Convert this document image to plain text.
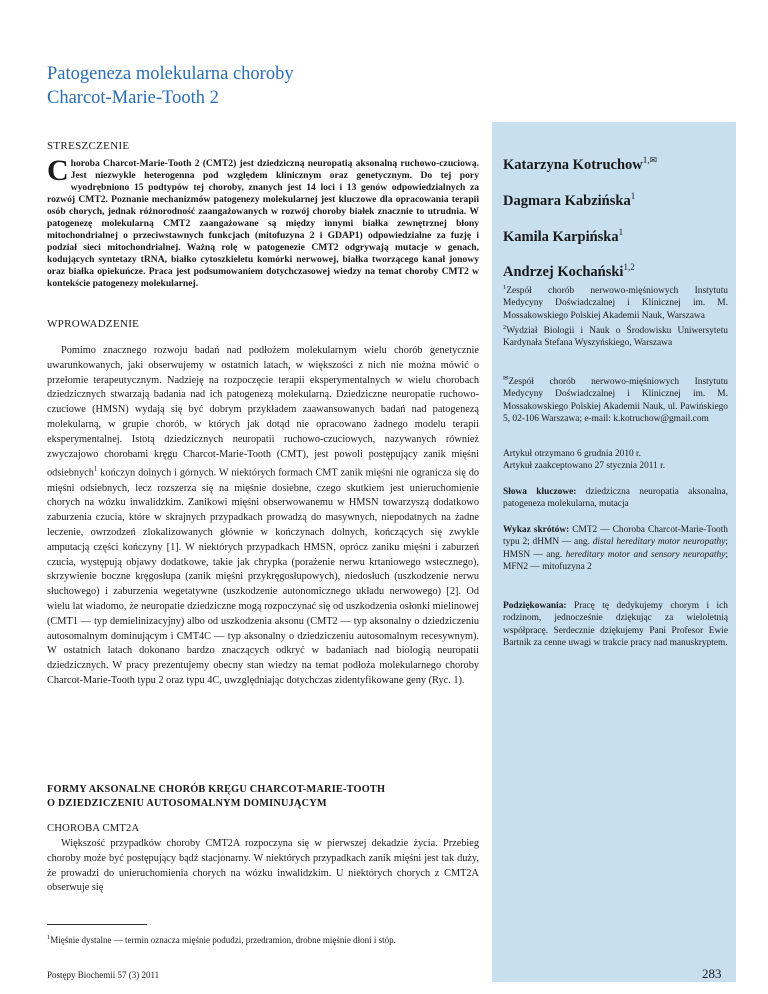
Patogeneza molekularna choroby
Charcot-Marie-Tooth 2
STRESZCZENIE

Choroba Charcot-Marie-Tooth 2 (CMT2) jest dziedziczną neuropatią aksonalną ruchowo-czuciową. Jest niezwykle heterogenna pod względem klinicznym oraz genetycznym. Do tej pory wyodrębniono 15 podtypów tej choroby, znanych jest 14 loci i 13 genów odpowiedzialnych za rozwój CMT2. Poznanie mechanizmów patogenezy molekularnej jest kluczowe dla opracowania terapii osób chorych, jednak różnorodność zaangażowanych w rozwój choroby białek znacznie to utrudnia. W patogenezę molekularną CMT2 zaangażowane są między innymi białka zewnętrznej błony mitochondrialnej o przeciwstawnych funkcjach (mitofuzyna 2 i GDAP1) odpowiedzialne za fuzję i podział sieci mitochondrialnej. Ważną rolę w patogenezie CMT2 odgrywają mutacje w genach, kodujących syntetazy tRNA, białko cytoszkieletu komórki nerwowej, białka tworzącego kanał jonowy oraz białka opiekuńcze. Praca jest podsumowaniem dotychczasowej wiedzy na temat choroby CMT2 w kontekście patogenezy molekularnej.

WPROWADZENIE

Pomimo znacznego rozwoju badań nad podłożem molekularnym wielu chorób genetycznie uwarunkowanych, jaki obserwujemy w ostatnich latach, w większości z nich nie można mówić o przełomie terapeutycznym. Nadzieję na rozpoczęcie terapii eksperymentalnych w wielu chorobach dziedzicznych stwarzają badania nad ich patogenezą molekularną. Dziedziczne neuropatie ruchowo-czuciowe (HMSN) wydają się być dobrym przykładem zaawansowanych badań nad patogenezą molekularną, w grupie chorób, w których jak dotąd nie opracowano żadnego modelu terapii eksperymentalnej. Istotą dziedzicznych neuropatii ruchowo-czuciowych, nazywanych również zwyczajowo chorobami kręgu Charcot-Marie-Tooth (CMT), jest powoli postępujący zanik mięśni odsiebnych$^1$ kończyn dolnych i górnych. W niektórych formach CMT zanik mięśni nie ogranicza się do mięśni odsiebnych, lecz rozszerza się na mięśnie dosiebne, czego skutkiem jest unieruchomienie chorych na wózku inwalidzkim. Zanikowi mięśni obserwowanemu w HMSN towarzyszą dodatkowo zaburzenia czucia, które w skrajnych przypadkach prowadzą do masywnych, niepodatnych na żadne leczenie, owrzodzeń zlokalizowanych głównie w kończynach dolnych, kończących się zwykle amputacją części kończyny [1]. W niektórych przypadkach HMSN, oprócz zaniku mięśni i zaburzeń czucia, występują objawy dodatkowe, takie jak chrypka (porażenie nerwu krtaniowego wstecznego), skrzywienie boczne kręgosłupa (zanik mięśni przykręgosłupowych), niedosłuch (uszkodzenie nerwu słuchowego) i zaburzenia wegetatywne (uszkodzenie autonomicznego układu nerwowego) [2]. Od wielu lat wiadomo, że neuropatie dziedziczne mogą rozpoczynać się od uszkodzenia osłonki mielinowej (CMT1 — typ demielinizacyjny) albo od uszkodzenia aksonu (CMT2 — typ aksonalny o dziedziczeniu autosomalnym dominującym i CMT4C — typ aksonalny o dziedziczeniu autosomalnym recesywnym). W ostatnich latach dokonano bardzo znaczących odkryć w badaniach nad biologią neuropatii dziedzicznych. W pracy prezentujemy obecny stan wiedzy na temat podłoża molekularnego choroby Charcot-Marie-Tooth typu 2 oraz typu 4C, uwzględniając dotychczas zidentyfikowane geny (Ryc. 1).

FORMY AKSONALNE CHORÓB KRĘGU CHARCOT-MARIE-TOOTH
O DZIEDZICZENIU AUTOSOMALNYM DOMINUJĄCYM
CHOROBA CMT2A

Większość przypadków choroby CMT2A rozpoczyna się w pierwszej dekadzie życia. Przebieg choroby może być postępujący bądź stacjonarny. W niektórych przypadkach zanik mięśni jest tak duży, że prowadzi do unieruchomienia chorych na wózku inwalidzkim. U niektórych chorych z CMT2A obserwuje się

$^1$Mięśnie dystalne — termin oznacza mięśnie podudzi, przedramion, drobne mięśnie dłoni i stóp.

Postępy Biochemii 57 (3) 2011	283
Katarzyna Kotruchow$^{1,✉}$
Dagmara Kabzińska$^1$
Kamila Karpińska$^1$
Andrzej Kochański$^{1,2}$

$^1$Zespół chorób nerwowo-mięśniowych Instytutu Medycyny Doświadczalnej i Klinicznej im. M. Mossakowskiego Polskiej Akademii Nauk, Warszawa

$^2$Wydział Biologii i Nauk o Środowisku Uniwersytetu Kardynała Stefana Wyszyńskiego, Warszawa

✉Zespół chorób nerwowo-mięśniowych Instytutu Medycyny Doświadczalnej i Klinicznej im. M. Mossakowskiego Polskiej Akademii Nauk, ul. Pawińskiego 5, 02-106 Warszawa; e-mail: k.kotruchow@gmail.com

Artykuł otrzymano 6 grudnia 2010 r.

Artykuł zaakceptowano 27 stycznia 2011 r.

Słowa kluczowe: dziedziczna neuropatia aksonalna, patogeneza molekularna, mutacja

Wykaz skrótów: CMT2 — Choroba Charcot-Marie-Tooth typu 2; dHMN — ang. distal hereditary motor neuropathy; HMSN — ang. hereditary motor and sensory neuropathy; MFN2 — mitofuzyna 2

Podziękowania: Pracę tę dedykujemy chorym i ich rodzinom, jednocześnie dziękując za wieloletnią współpracę. Serdecznie dziękujemy Pani Profesor Ewie Bartnik za cenne uwagi w trakcie pracy nad manuskryptem.
